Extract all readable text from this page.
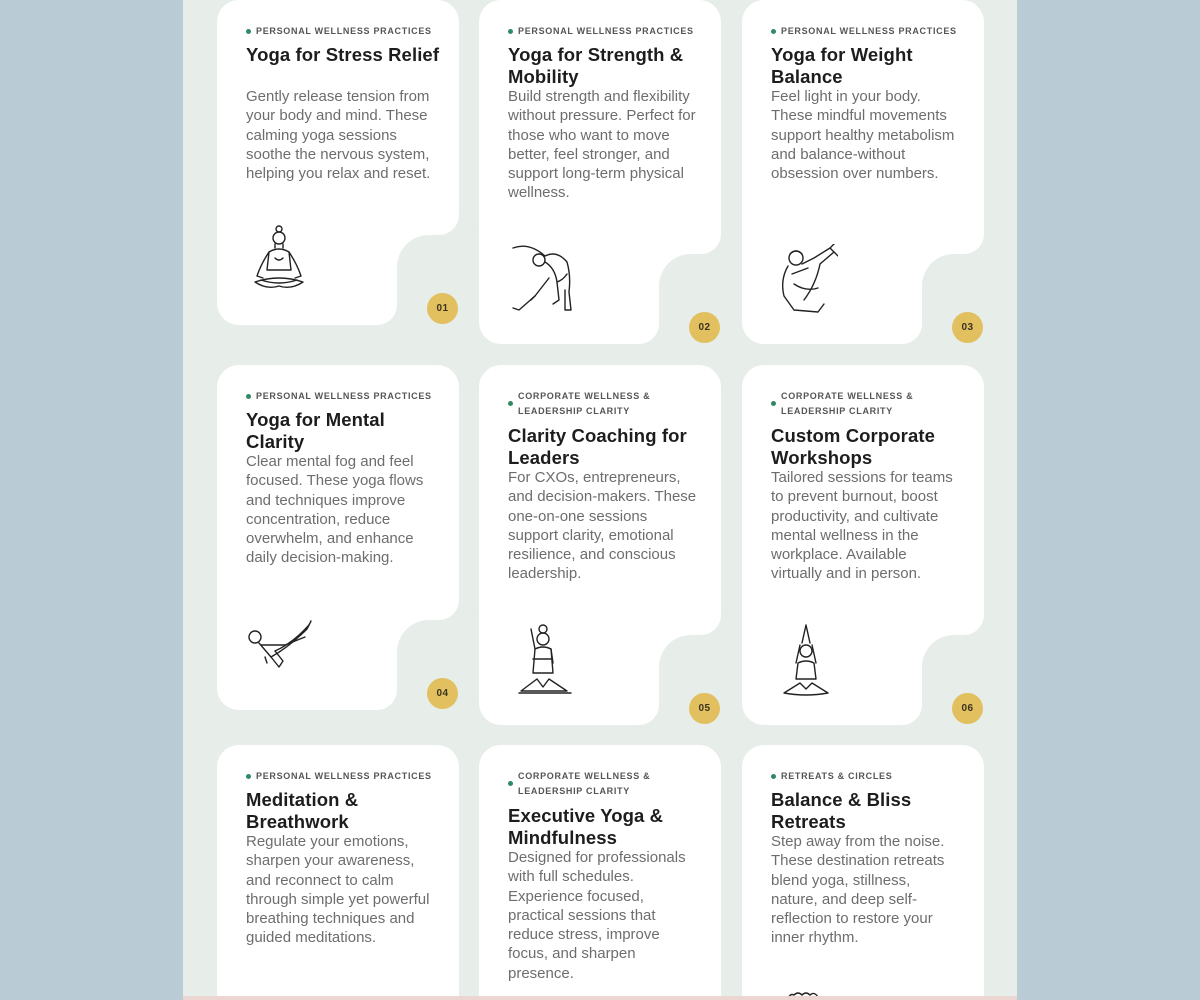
PERSONAL WELLNESS PRACTICES
Yoga for Stress Relief
Gently release tension from your body and mind. These calming yoga sessions soothe the nervous system, helping you relax and reset.
01
PERSONAL WELLNESS PRACTICES
Yoga for Strength & Mobility
Build strength and flexibility without pressure. Perfect for those who want to move better, feel stronger, and support long-term physical wellness.
02
PERSONAL WELLNESS PRACTICES
Yoga for Weight Balance
Feel light in your body. These mindful movements support healthy metabolism and balance-without obsession over numbers.
03
PERSONAL WELLNESS PRACTICES
Yoga for Mental Clarity
Clear mental fog and feel focused. These yoga flows and techniques improve concentration, reduce overwhelm, and enhance daily decision-making.
04
CORPORATE WELLNESS & LEADERSHIP CLARITY
Clarity Coaching for Leaders
For CXOs, entrepreneurs, and decision-makers. These one-on-one sessions support clarity, emotional resilience, and conscious leadership.
05
CORPORATE WELLNESS & LEADERSHIP CLARITY
Custom Corporate Workshops
Tailored sessions for teams to prevent burnout, boost productivity, and cultivate mental wellness in the workplace. Available virtually and in person.
06
PERSONAL WELLNESS PRACTICES
Meditation & Breathwork
Regulate your emotions, sharpen your awareness, and reconnect to calm through simple yet powerful breathing techniques and guided meditations.
CORPORATE WELLNESS & LEADERSHIP CLARITY
Executive Yoga & Mindfulness
Designed for professionals with full schedules. Experience focused, practical sessions that reduce stress, improve focus, and sharpen presence.
RETREATS & CIRCLES
Balance & Bliss Retreats
Step away from the noise. These destination retreats blend yoga, stillness, nature, and deep self-reflection to restore your inner rhythm.
